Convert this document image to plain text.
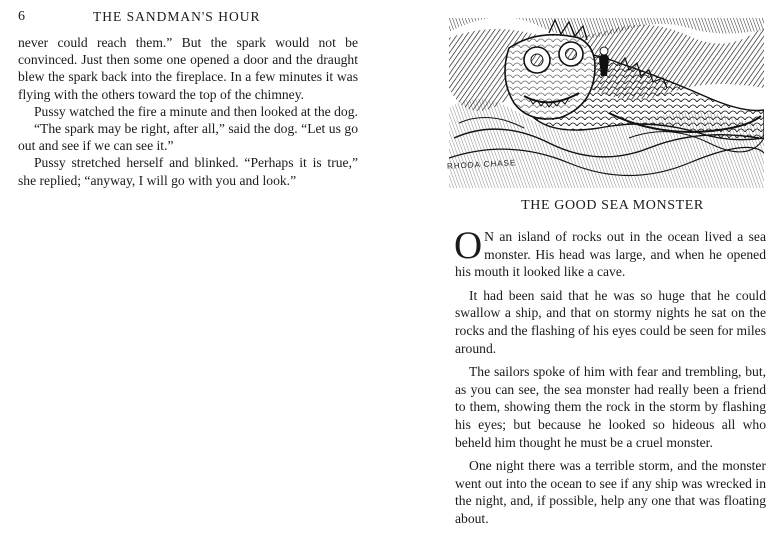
6	THE SANDMAN'S HOUR

never could reach them.” But the spark would not be convinced. Just then some one opened a door and the draught blew the spark back into the fireplace. In a few minutes it was flying with the others toward the top of the chimney.

Pussy watched the fire a minute and then looked at the dog.

“The spark may be right, after all,” said the dog. “Let us go out and see if we can see it.”

Pussy stretched herself and blinked. “Perhaps it is true,” she replied; “anyway, I will go with you and look.”

RHODA CHASE
THE GOOD SEA MONSTER

O N an island of rocks out in the ocean lived a sea monster. His head was large, and when he opened his mouth it looked like a cave.

It had been said that he was so huge that he could swallow a ship, and that on stormy nights he sat on the rocks and the flashing of his eyes could be seen for miles around.

The sailors spoke of him with fear and trembling, but, as you can see, the sea monster had really been a friend to them, showing them the rock in the storm by flashing his eyes; but because he looked so hideous all who beheld him thought he must be a cruel monster.

One night there was a terrible storm, and the monster went out into the ocean to see if any ship was wrecked in the night, and, if possible, help any one that was floating about.
